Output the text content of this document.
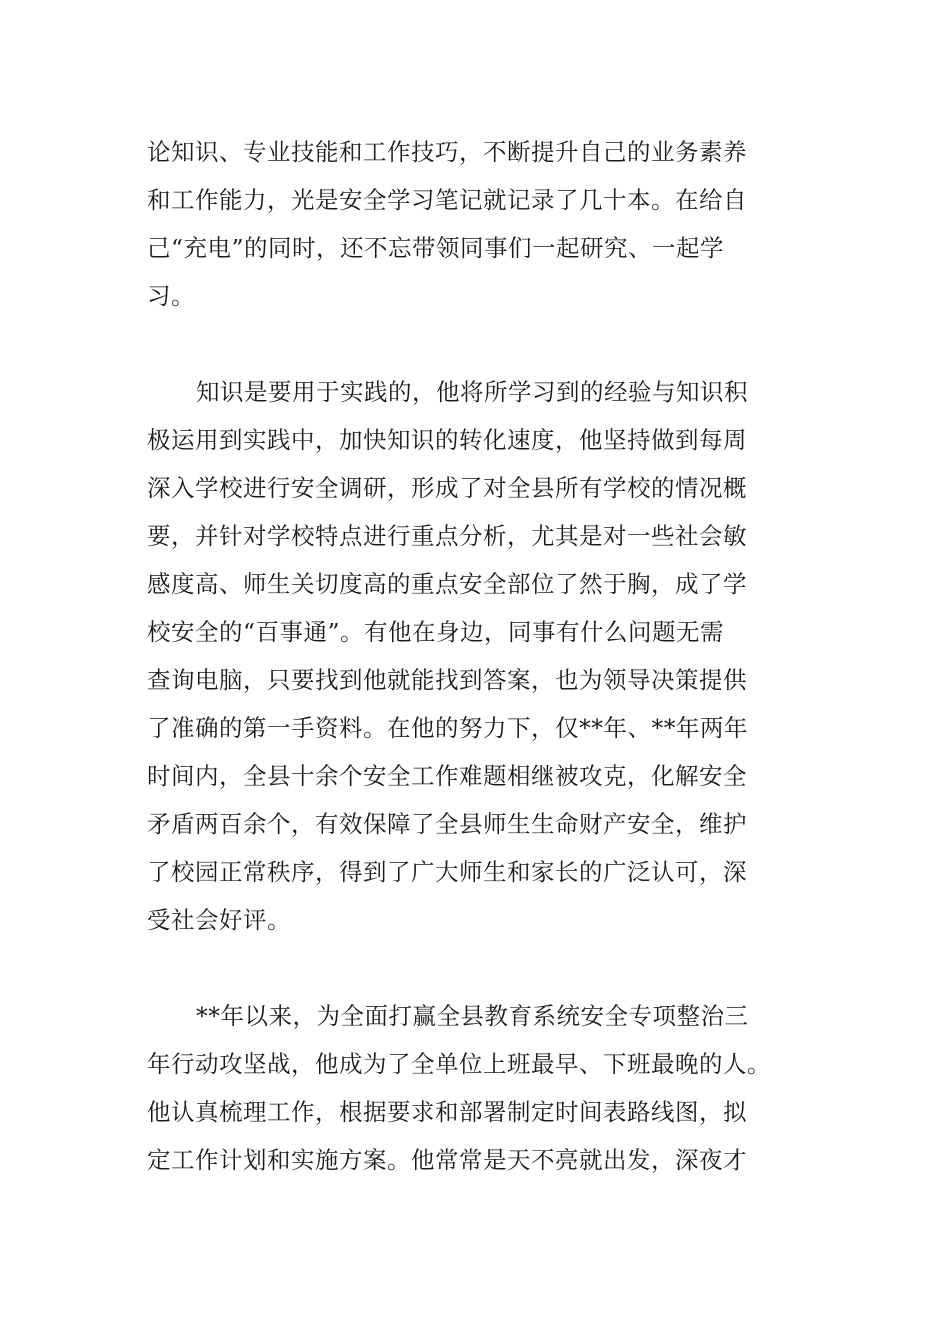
论知识、专业技能和工作技巧，不断提升自己的业务素养
和工作能力，光是安全学习笔记就记录了几十本。在给自
己“充电”的同时，还不忘带领同事们一起研究、一起学
习。
知识是要用于实践的，他将所学习到的经验与知识积
极运用到实践中，加快知识的转化速度，他坚持做到每周
深入学校进行安全调研，形成了对全县所有学校的情况概
要，并针对学校特点进行重点分析，尤其是对一些社会敏
感度高、师生关切度高的重点安全部位了然于胸，成了学
校安全的“百事通”。有他在身边，同事有什么问题无需
查询电脑，只要找到他就能找到答案，也为领导决策提供
了准确的第一手资料。在他的努力下，仅**年、**年两年
时间内，全县十余个安全工作难题相继被攻克，化解安全
矛盾两百余个，有效保障了全县师生生命财产安全，维护
了校园正常秩序，得到了广大师生和家长的广泛认可，深
受社会好评。
**年以来，为全面打赢全县教育系统安全专项整治三
年行动攻坚战，他成为了全单位上班最早、下班最晚的人。
他认真梳理工作，根据要求和部署制定时间表路线图，拟
定工作计划和实施方案。他常常是天不亮就出发，深夜才
